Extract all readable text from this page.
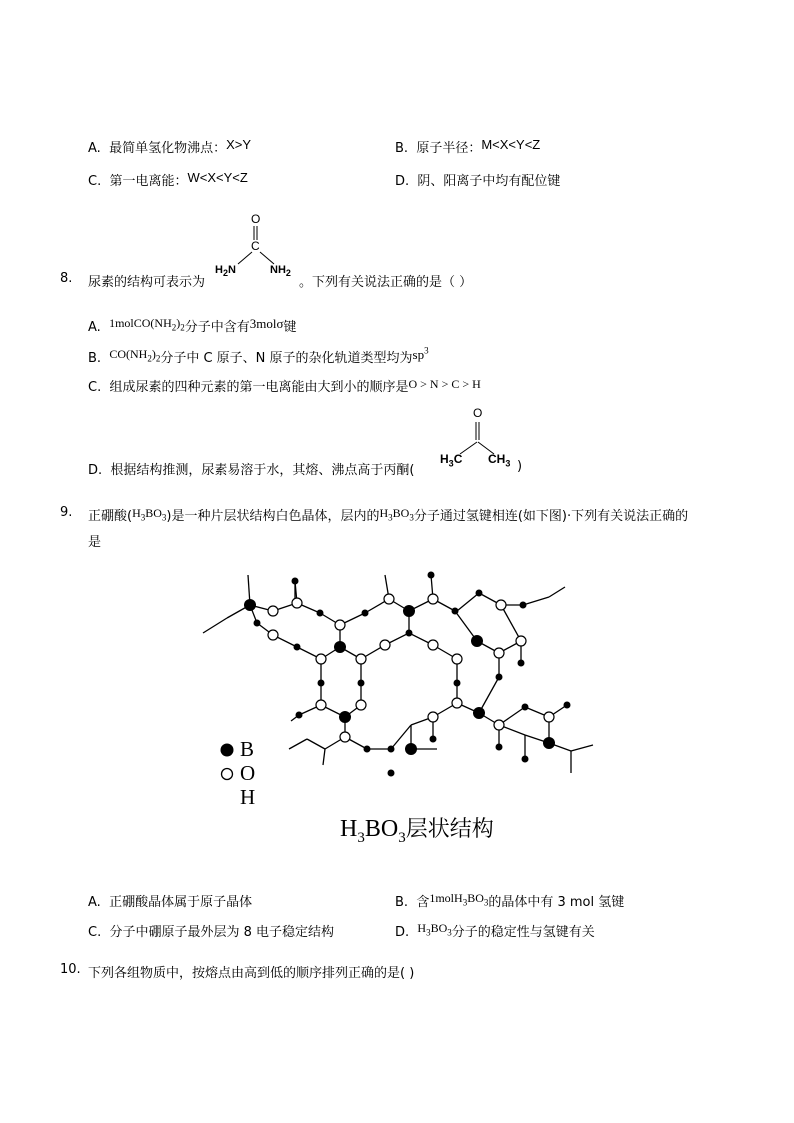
A. 最简单氢化物沸点：X>Y	B. 原子半径：M<X<Y<Z
C. 第一电离能：W<X<Y<Z	D. 阴、阳离子中均有配位键
8. 尿素的结构可表示为
O
C
$H_2N$	$NH_2$
。下列有关说法正确的是（ ）
A. $1molCO(NH_2)_2$分子中含有3molσ键
B. $CO(NH_2)_2$分子中 C 原子、N 原子的杂化轨道类型均为$sp^3$
C. 组成尿素的四种元素的第一电离能由大到小的顺序是O > N > C > H
D. 根据结构推测，尿素易溶于水，其熔、沸点高于丙酮(
O
$H_3C$ $CH_3$ )
9. 正硼酸$(H_3BO_3)$是一种片层状结构白色晶体，层内的$H_3BO_3$分子通过氢键相连(如下图)·下列有关说法正确的
是
B
O
H
$H_3BO_3$层状结构
A. 正硼酸晶体属于原子晶体	B. 含$1molH_3BO_3$的晶体中有 3 mol 氢键
C. 分子中硼原子最外层为 8 电子稳定结构	D. $H_3BO_3$分子的稳定性与氢键有关
10. 下列各组物质中，按熔点由高到低的顺序排列正确的是( )
